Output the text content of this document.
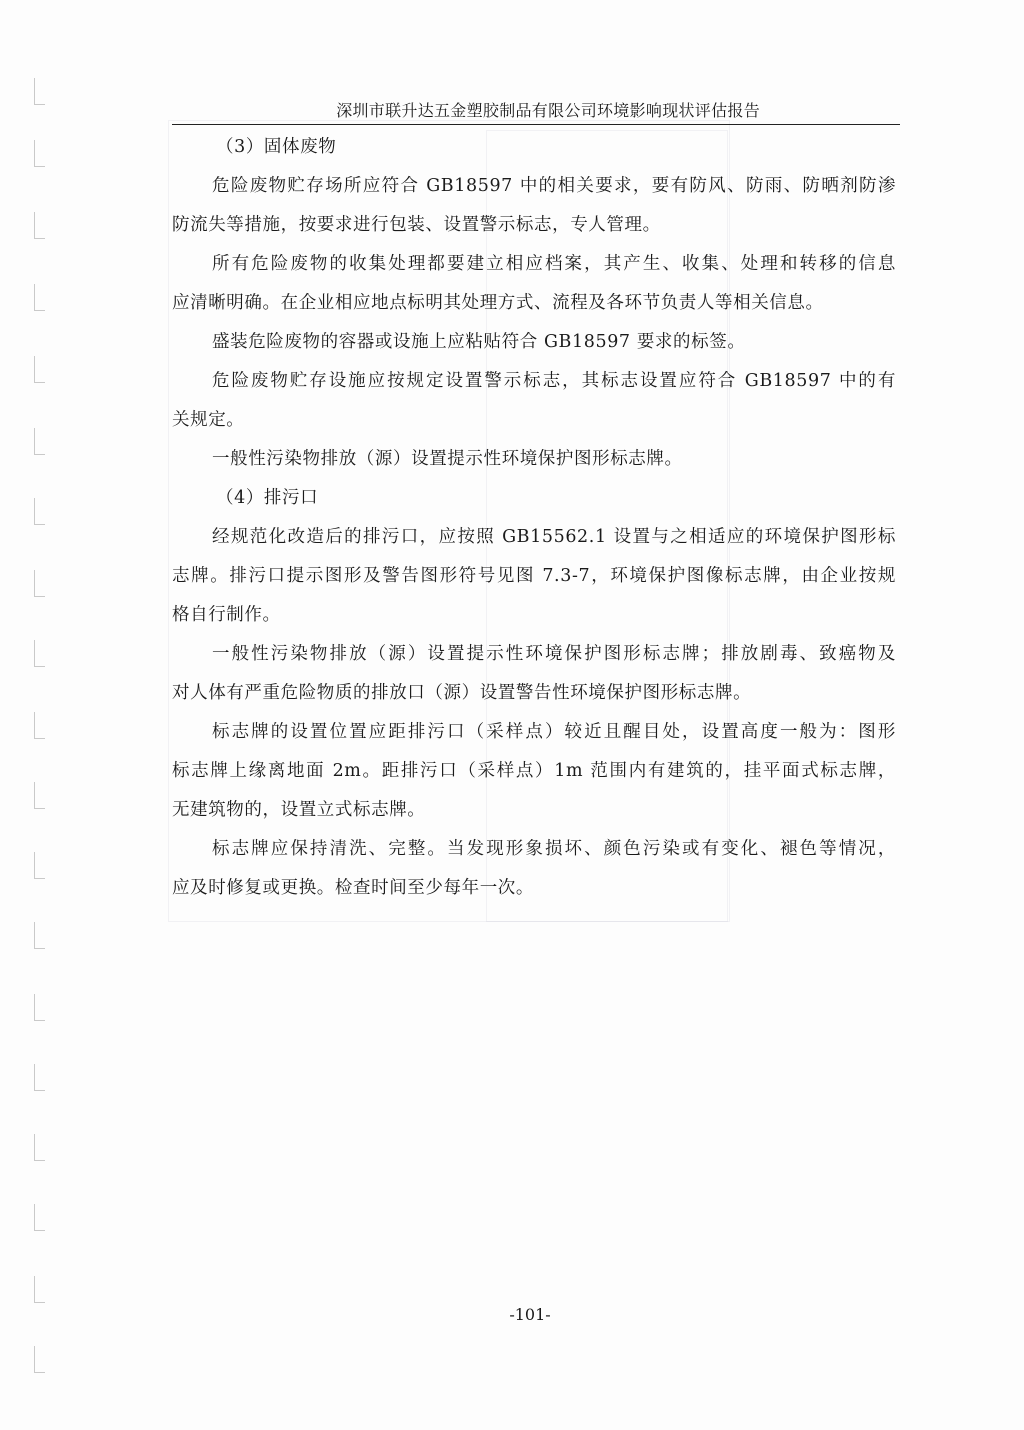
深圳市联升达五金塑胶制品有限公司环境影响现状评估报告
（3）固体废物
危险废物贮存场所应符合 GB18597 中的相关要求，要有防风、防雨、防晒剂防渗
防流失等措施，按要求进行包装、设置警示标志，专人管理。
所有危险废物的收集处理都要建立相应档案，其产生、收集、处理和转移的信息
应清晰明确。在企业相应地点标明其处理方式、流程及各环节负责人等相关信息。
盛装危险废物的容器或设施上应粘贴符合 GB18597 要求的标签。
危险废物贮存设施应按规定设置警示标志，其标志设置应符合 GB18597 中的有
关规定。
一般性污染物排放（源）设置提示性环境保护图形标志牌。
（4）排污口
经规范化改造后的排污口，应按照 GB15562.1 设置与之相适应的环境保护图形标
志牌。排污口提示图形及警告图形符号见图 7.3-7，环境保护图像标志牌，由企业按规
格自行制作。
一般性污染物排放（源）设置提示性环境保护图形标志牌；排放剧毒、致癌物及
对人体有严重危险物质的排放口（源）设置警告性环境保护图形标志牌。
标志牌的设置位置应距排污口（采样点）较近且醒目处，设置高度一般为：图形
标志牌上缘离地面 2m。距排污口（采样点）1m 范围内有建筑的，挂平面式标志牌，
无建筑物的，设置立式标志牌。
标志牌应保持清洗、完整。当发现形象损坏、颜色污染或有变化、褪色等情况，
应及时修复或更换。检查时间至少每年一次。
-101-
